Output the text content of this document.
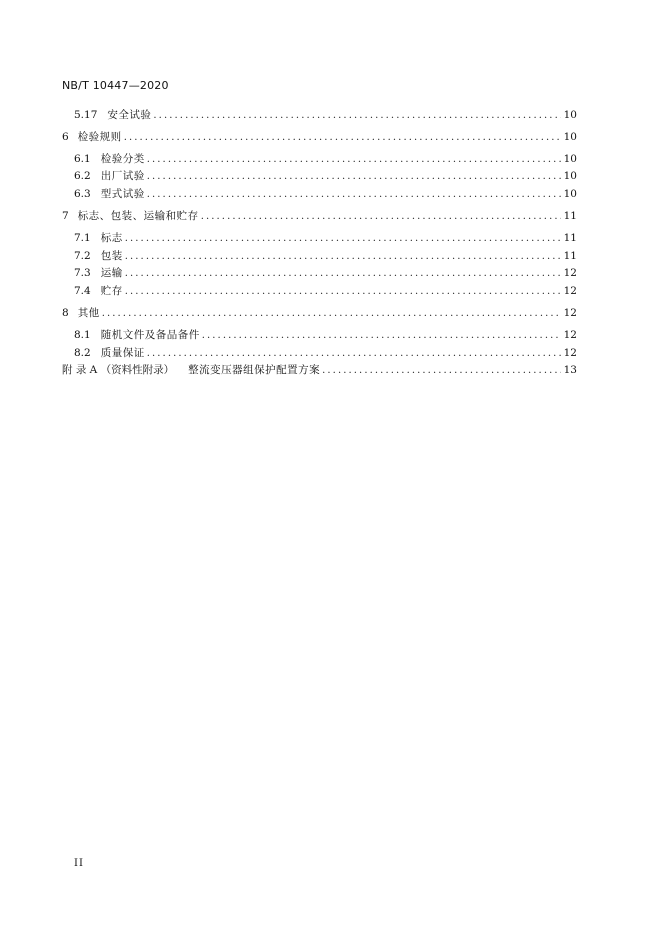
NB/T 10447—2020
5.17 安全试验 .....	10
6 检验规则 .....	10
6.1 检验分类 .....	10
6.2 出厂试验 .....	10
6.3 型式试验 .....	10
7 标志、包装、运输和贮存 .....	11
7.1 标志 .....	11
7.2 包装 .....	11
7.3 运输 .....	12
7.4 贮存 .....	12
8 其他 .....	12
8.1 随机文件及备品备件 .....	12
8.2 质量保证 .....	12
附 录 A （资料性附录） 整流变压器组保护配置方案 .....	13
II
